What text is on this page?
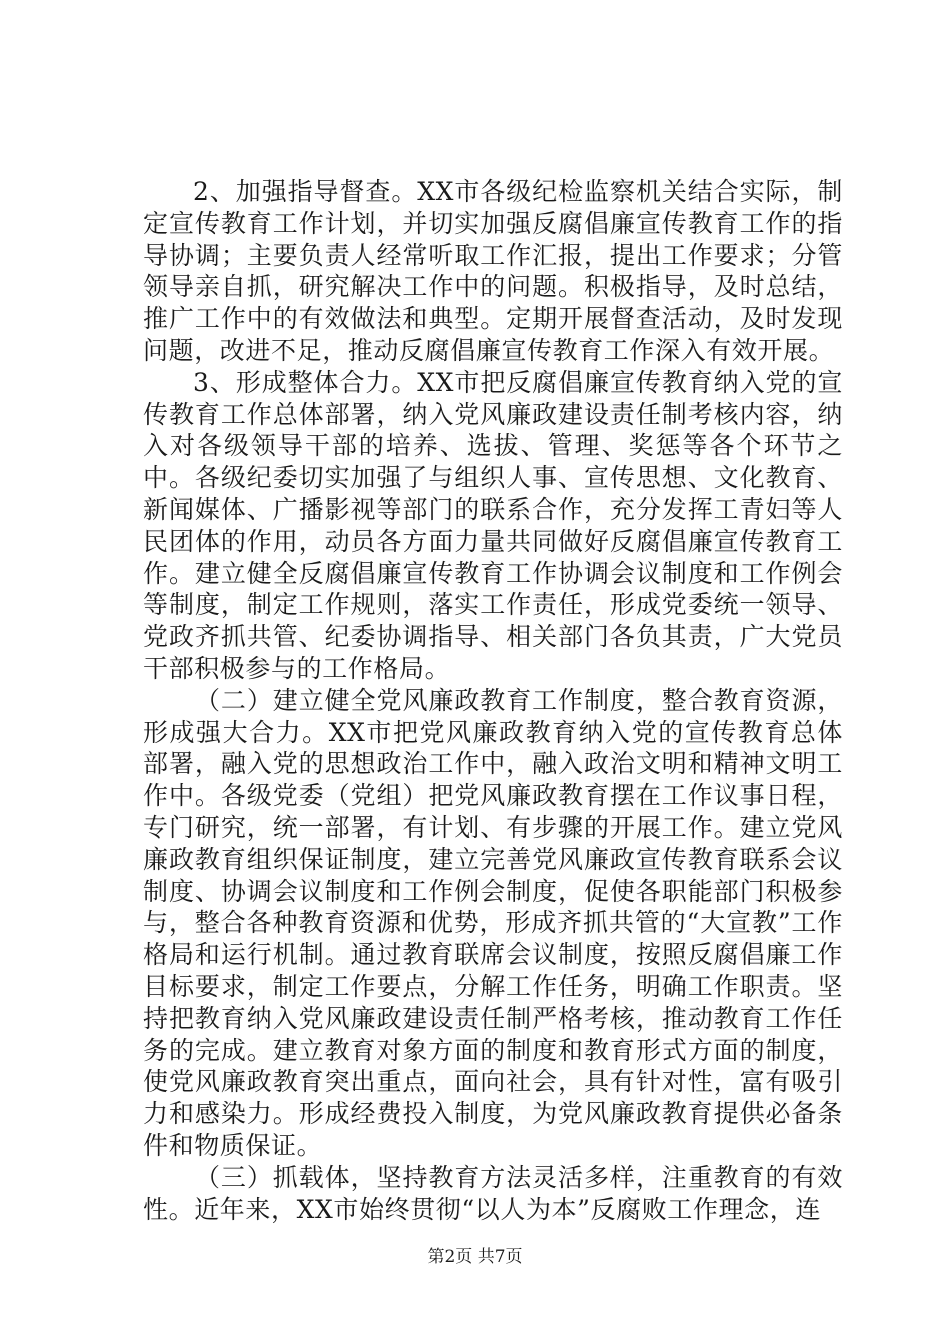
2、加强指导督查。XX市各级纪检监察机关结合实际，制定宣传教育工作计划，并切实加强反腐倡廉宣传教育工作的指导协调；主要负责人经常听取工作汇报，提出工作要求；分管领导亲自抓，研究解决工作中的问题。积极指导，及时总结，推广工作中的有效做法和典型。定期开展督查活动，及时发现问题，改进不足，推动反腐倡廉宣传教育工作深入有效开展。

3、形成整体合力。XX市把反腐倡廉宣传教育纳入党的宣传教育工作总体部署，纳入党风廉政建设责任制考核内容，纳入对各级领导干部的培养、选拔、管理、奖惩等各个环节之中。各级纪委切实加强了与组织人事、宣传思想、文化教育、新闻媒体、广播影视等部门的联系合作，充分发挥工青妇等人民团体的作用，动员各方面力量共同做好反腐倡廉宣传教育工作。建立健全反腐倡廉宣传教育工作协调会议制度和工作例会等制度，制定工作规则，落实工作责任，形成党委统一领导、党政齐抓共管、纪委协调指导、相关部门各负其责，广大党员干部积极参与的工作格局。

（二）建立健全党风廉政教育工作制度，整合教育资源，形成强大合力。XX市把党风廉政教育纳入党的宣传教育总体部署，融入党的思想政治工作中，融入政治文明和精神文明工作中。各级党委（党组）把党风廉政教育摆在工作议事日程，专门研究，统一部署，有计划、有步骤的开展工作。建立党风廉政教育组织保证制度，建立完善党风廉政宣传教育联系会议制度、协调会议制度和工作例会制度，促使各职能部门积极参与，整合各种教育资源和优势，形成齐抓共管的“大宣教”工作格局和运行机制。通过教育联席会议制度，按照反腐倡廉工作目标要求，制定工作要点，分解工作任务，明确工作职责。坚持把教育纳入党风廉政建设责任制严格考核，推动教育工作任务的完成。建立教育对象方面的制度和教育形式方面的制度，使党风廉政教育突出重点，面向社会，具有针对性，富有吸引力和感染力。形成经费投入制度，为党风廉政教育提供必备条件和物质保证。

（三）抓载体，坚持教育方法灵活多样，注重教育的有效性。近年来，XX市始终贯彻“以人为本”反腐败工作理念，连

第2页 共7页
